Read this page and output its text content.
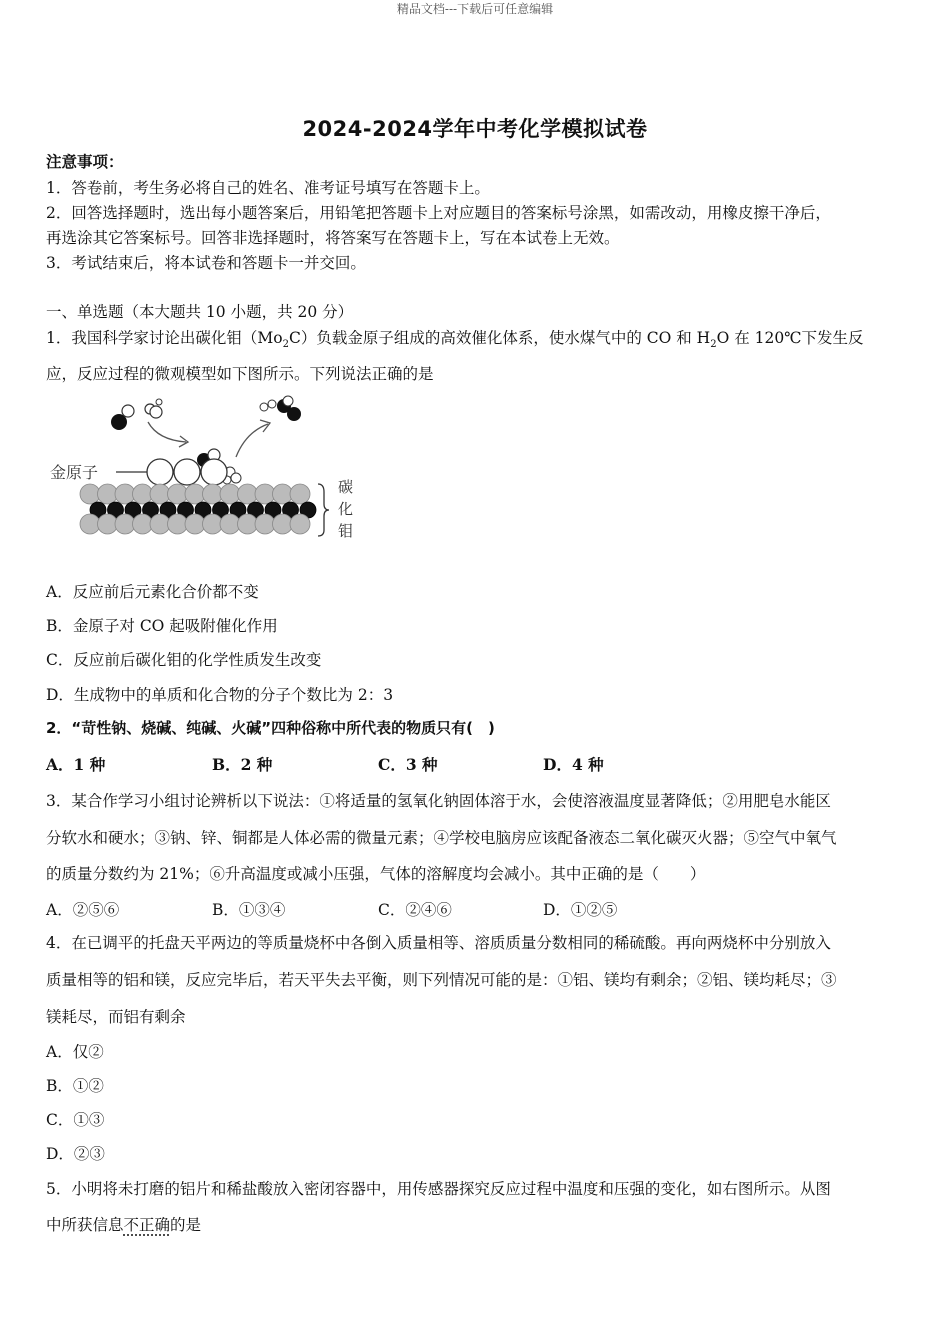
精品文档---下载后可任意编辑
2024-2024学年中考化学模拟试卷
注意事项：
1．答卷前，考生务必将自己的姓名、准考证号填写在答题卡上。
2．回答选择题时，选出每小题答案后，用铅笔把答题卡上对应题目的答案标号涂黑，如需改动，用橡皮擦干净后，
再选涂其它答案标号。回答非选择题时，将答案写在答题卡上，写在本试卷上无效。
3．考试结束后，将本试卷和答题卡一并交回。
一、单选题（本大题共 10 小题，共 20 分）
1．我国科学家讨论出碳化钼$(Mo_2C)$负载金原子组成的高效催化体系，使水煤气中的 CO 和 $H_2O$ 在 120℃下发生反
应，反应过程的微观模型如下图所示。下列说法正确的是
金原子
碳
化
钼
A．反应前后元素化合价都不变
B．金原子对 CO 起吸附催化作用
C．反应前后碳化钼的化学性质发生改变
D．生成物中的单质和化合物的分子个数比为 2：3
2．“苛性钠、烧碱、纯碱、火碱”四种俗称中所代表的物质只有(　)
A．1 种	B．2 种	C．3 种	D．4 种
3．某合作学习小组讨论辨析以下说法：①将适量的氢氧化钠固体溶于水，会使溶液温度显著降低；②用肥皂水能区
分软水和硬水；③钠、锌、铜都是人体必需的微量元素；④学校电脑房应该配备液态二氧化碳灭火器；⑤空气中氧气
的质量分数约为 21%；⑥升高温度或减小压强，气体的溶解度均会减小。其中正确的是（　　）
A．②⑤⑥	B．①③④	C．②④⑥	D．①②⑤
4．在已调平的托盘天平两边的等质量烧杯中各倒入质量相等、溶质质量分数相同的稀硫酸。再向两烧杯中分别放入
质量相等的铝和镁，反应完毕后，若天平失去平衡，则下列情况可能的是：①铝、镁均有剩余；②铝、镁均耗尽；③
镁耗尽，而铝有剩余
A．仅②
B．①②
C．①③
D．②③
5．小明将未打磨的铝片和稀盐酸放入密闭容器中，用传感器探究反应过程中温度和压强的变化，如右图所示。从图
中所获信息不正确的是
